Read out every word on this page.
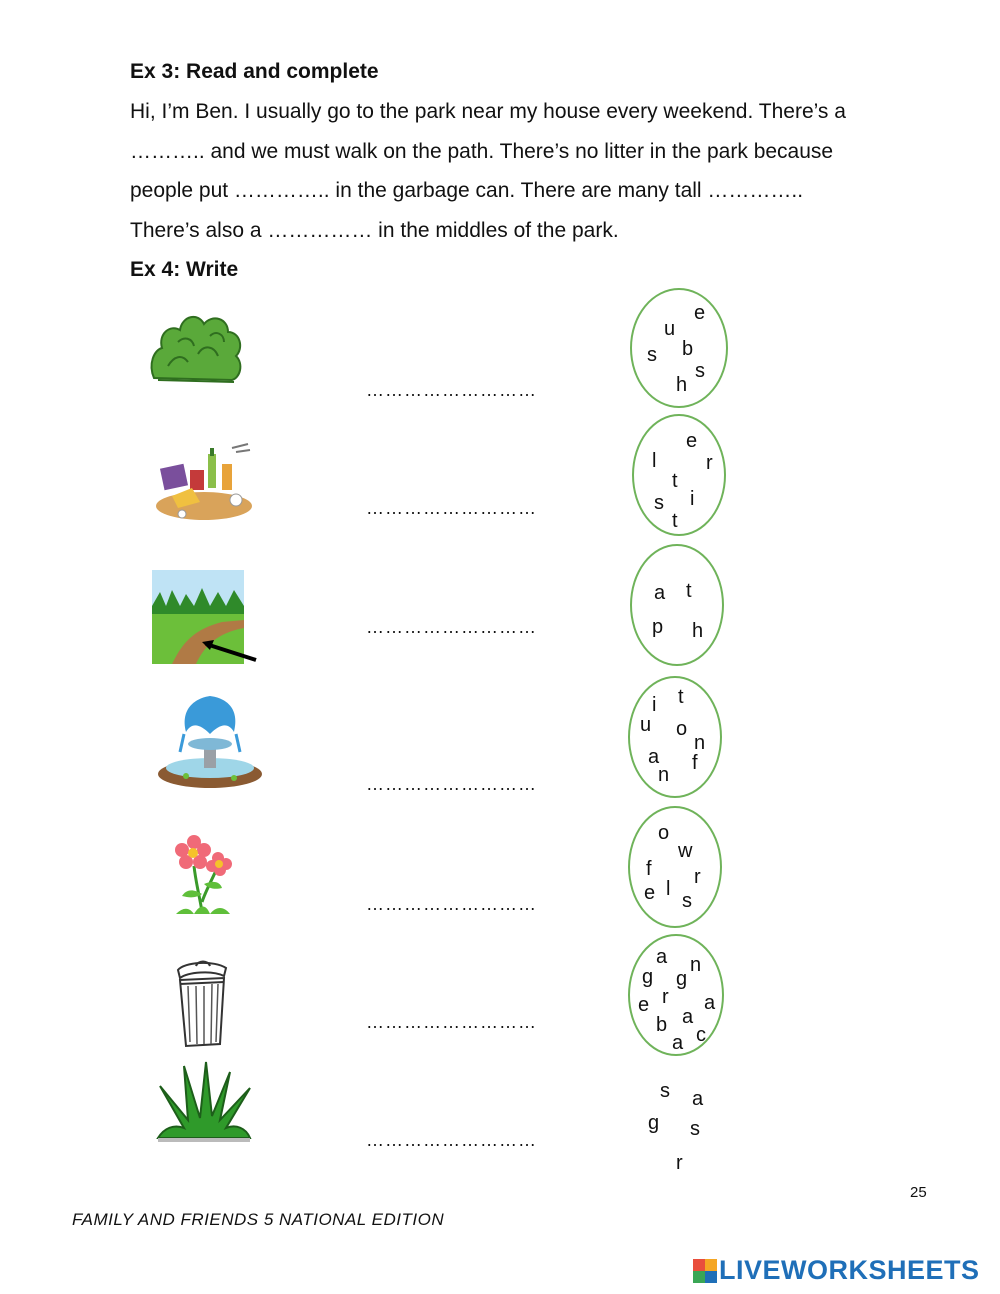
Ex 3: Read and complete

Hi, I’m Ben. I usually go to the park near my house every weekend. There’s a

……….. and we must walk on the path. There’s no litter in the park because

people put ………….. in the garbage can. There are many tall …………..

There’s also a …………… in the middles of the park.

Ex 4: Write
………………………
e
u
b
s
s
h
………………………
e
l r
t
s i
t
………………………
a t
p h
………………………
i t
u o
n
a f
n
………………………
o
w
f r
e l
s
………………………
a n
g g
r
e	a
b a
a c
………………………
s a
g s
r
25
FAMILY AND FRIENDS 5 NATIONAL EDITION
LIVEWORKSHEETS
